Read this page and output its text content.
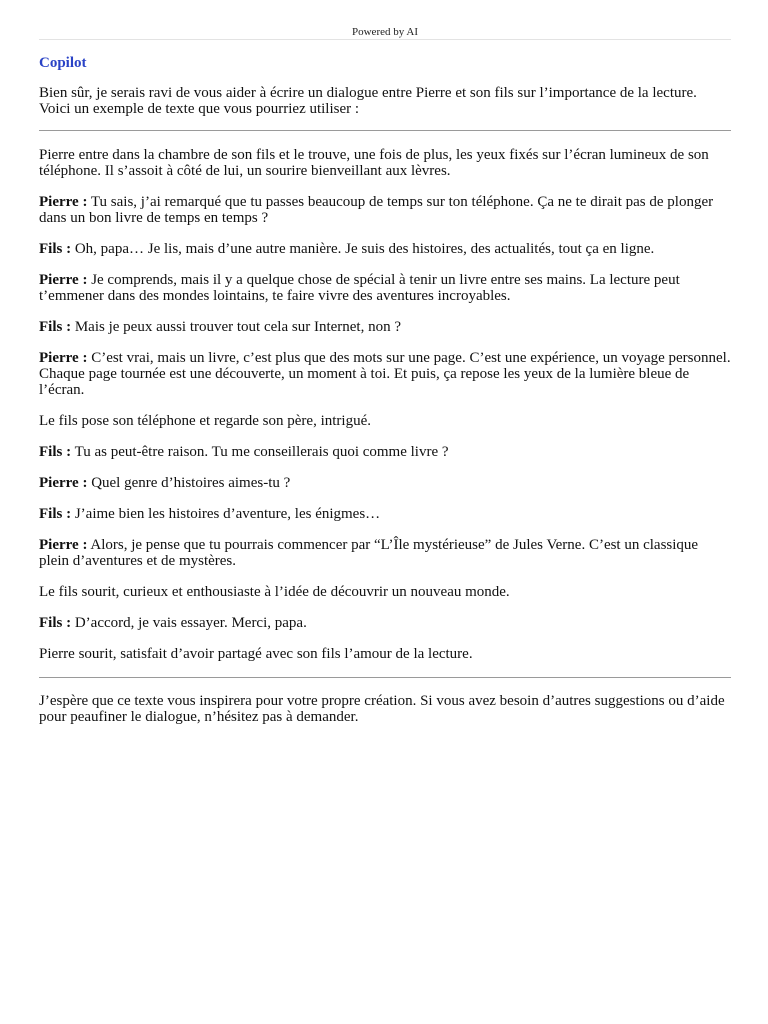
Powered by AI
Copilot

Bien sûr, je serais ravi de vous aider à écrire un dialogue entre Pierre et son fils sur l’importance de la lecture. Voici un exemple de texte que vous pourriez utiliser :

Pierre entre dans la chambre de son fils et le trouve, une fois de plus, les yeux fixés sur l’écran lumineux de son téléphone. Il s’assoit à côté de lui, un sourire bienveillant aux lèvres.

Pierre : Tu sais, j’ai remarqué que tu passes beaucoup de temps sur ton téléphone. Ça ne te dirait pas de plonger dans un bon livre de temps en temps ?

Fils : Oh, papa… Je lis, mais d’une autre manière. Je suis des histoires, des actualités, tout ça en ligne.

Pierre : Je comprends, mais il y a quelque chose de spécial à tenir un livre entre ses mains. La lecture peut t’emmener dans des mondes lointains, te faire vivre des aventures incroyables.

Fils : Mais je peux aussi trouver tout cela sur Internet, non ?

Pierre : C’est vrai, mais un livre, c’est plus que des mots sur une page. C’est une expérience, un voyage personnel. Chaque page tournée est une découverte, un moment à toi. Et puis, ça repose les yeux de la lumière bleue de l’écran.

Le fils pose son téléphone et regarde son père, intrigué.

Fils : Tu as peut-être raison. Tu me conseillerais quoi comme livre ?

Pierre : Quel genre d’histoires aimes-tu ?

Fils : J’aime bien les histoires d’aventure, les énigmes…

Pierre : Alors, je pense que tu pourrais commencer par “L’Île mystérieuse” de Jules Verne. C’est un classique plein d’aventures et de mystères.

Le fils sourit, curieux et enthousiaste à l’idée de découvrir un nouveau monde.

Fils : D’accord, je vais essayer. Merci, papa.

Pierre sourit, satisfait d’avoir partagé avec son fils l’amour de la lecture.

J’espère que ce texte vous inspirera pour votre propre création. Si vous avez besoin d’autres suggestions ou d’aide pour peaufiner le dialogue, n’hésitez pas à demander.
